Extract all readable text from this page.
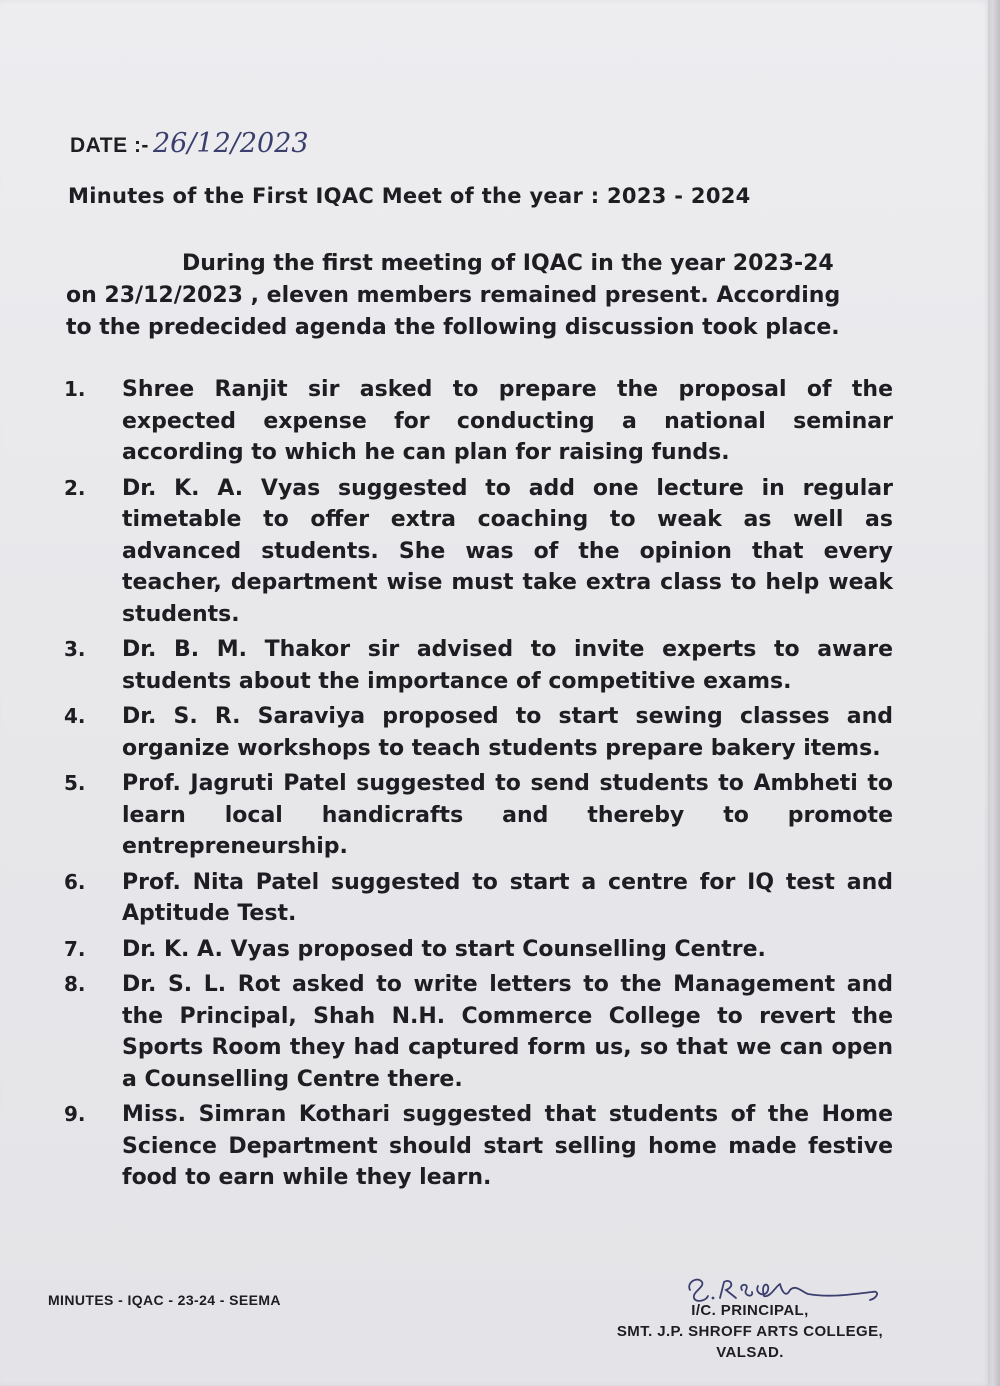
DATE :- 26/12/2023
Minutes of the First IQAC Meet of the year : 2023 - 2024
During the first meeting of IQAC in the year 2023-24
on 23/12/2023 , eleven members remained present. According
to the predecided agenda the following discussion took place.
1.	Shree Ranjit sir asked to prepare the proposal of the expected expense for conducting a national seminar according to which he can plan for raising funds.
2.	Dr. K. A. Vyas suggested to add one lecture in regular timetable to offer extra coaching to weak as well as advanced students. She was of the opinion that every teacher, department wise must take extra class to help weak students.
3.	Dr. B. M. Thakor sir advised to invite experts to aware students about the importance of competitive exams.
4.	Dr. S. R. Saraviya proposed to start sewing classes and organize workshops to teach students prepare bakery items.
5.	Prof. Jagruti Patel suggested to send students to Ambheti to learn local handicrafts and thereby to promote entrepreneurship.
6.	Prof. Nita Patel suggested to start a centre for IQ test and Aptitude Test.
7.	Dr. K. A. Vyas proposed to start Counselling Centre.
8.	Dr. S. L. Rot asked to write letters to the Management and the Principal, Shah N.H. Commerce College to revert the Sports Room they had captured form us, so that we can open a Counselling Centre there.
9.	Miss. Simran Kothari suggested that students of the Home Science Department should start selling home made festive food to earn while they learn.
MINUTES - IQAC - 23-24 - SEEMA
I/C. PRINCIPAL,
SMT. J.P. SHROFF ARTS COLLEGE,
VALSAD.
